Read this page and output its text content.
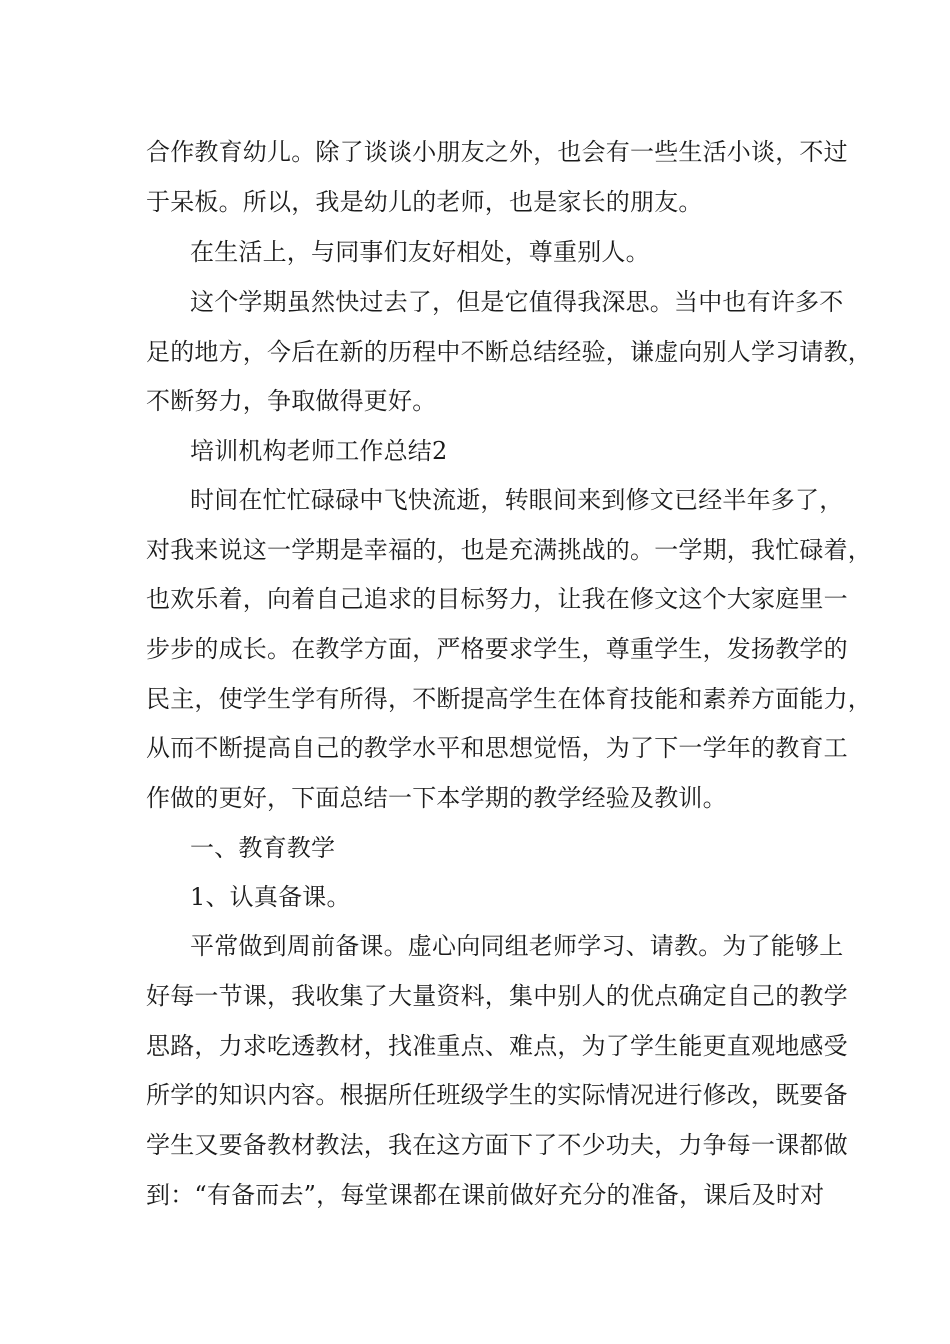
合作教育幼儿。除了谈谈小朋友之外，也会有一些生活小谈，不过
于呆板。所以，我是幼儿的老师，也是家长的朋友。
在生活上，与同事们友好相处，尊重别人。
这个学期虽然快过去了，但是它值得我深思。当中也有许多不
足的地方，今后在新的历程中不断总结经验，谦虚向别人学习请教，
不断努力，争取做得更好。
培训机构老师工作总结2
时间在忙忙碌碌中飞快流逝，转眼间来到修文已经半年多了，
对我来说这一学期是幸福的，也是充满挑战的。一学期，我忙碌着，
也欢乐着，向着自己追求的目标努力，让我在修文这个大家庭里一
步步的成长。在教学方面，严格要求学生，尊重学生，发扬教学的
民主，使学生学有所得，不断提高学生在体育技能和素养方面能力，
从而不断提高自己的教学水平和思想觉悟，为了下一学年的教育工
作做的更好，下面总结一下本学期的教学经验及教训。
一、教育教学
1、认真备课。
平常做到周前备课。虚心向同组老师学习、请教。为了能够上
好每一节课，我收集了大量资料，集中别人的优点确定自己的教学
思路，力求吃透教材，找准重点、难点，为了学生能更直观地感受
所学的知识内容。根据所任班级学生的实际情况进行修改，既要备
学生又要备教材教法，我在这方面下了不少功夫，力争每一课都做
到：“有备而去”，每堂课都在课前做好充分的准备，课后及时对
